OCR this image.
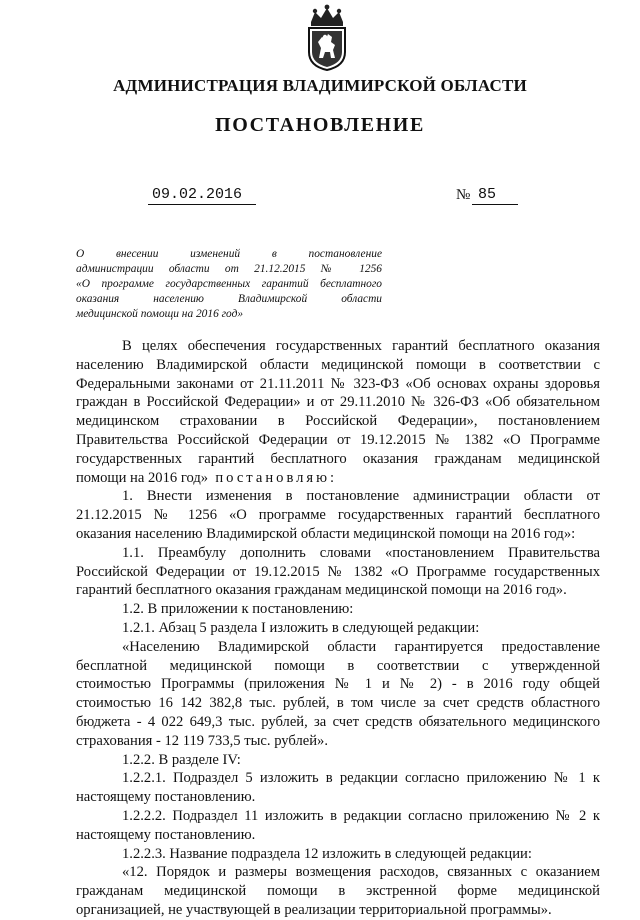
АДМИНИСТРАЦИЯ ВЛАДИМИРСКОЙ ОБЛАСТИ
ПОСТАНОВЛЕНИЕ
09.02.2016	№ 85
О внесении изменений в постановление
администрации области от 21.12.2015 № 1256
«О программе государственных гарантий бесплатного
оказания населению Владимирской области
медицинской помощи на 2016 год»

В целях обеспечения государственных гарантий бесплатного оказания
населению Владимирской области медицинской помощи в соответствии с
Федеральными законами от 21.11.2011 № 323-ФЗ «Об основах охраны здоровья
граждан в Российской Федерации» и от 29.11.2010 № 326-ФЗ «Об обязательном
медицинском страховании в Российской Федерации», постановлением
Правительства Российской Федерации от 19.12.2015 № 1382 «О Программе
государственных гарантий бесплатного оказания гражданам медицинской
помощи на 2016 год» постановляю:

1. Внести изменения в постановление администрации области от
21.12.2015 № 1256 «О программе государственных гарантий бесплатного
оказания населению Владимирской области медицинской помощи на 2016 год»:

1.1. Преамбулу дополнить словами «постановлением Правительства
Российской Федерации от 19.12.2015 № 1382 «О Программе государственных
гарантий бесплатного оказания гражданам медицинской помощи на 2016 год».

1.2. В приложении к постановлению:

1.2.1. Абзац 5 раздела I изложить в следующей редакции:

«Населению Владимирской области гарантируется предоставление
бесплатной медицинской помощи в соответствии с утвержденной
стоимостью Программы (приложения № 1 и № 2) - в 2016 году общей
стоимостью 16 142 382,8 тыс. рублей, в том числе за счет средств областного
бюджета - 4 022 649,3 тыс. рублей, за счет средств обязательного медицинского
страхования - 12 119 733,5 тыс. рублей».

1.2.2. В разделе IV:

1.2.2.1. Подраздел 5 изложить в редакции согласно приложению № 1 к
настоящему постановлению.

1.2.2.2. Подраздел 11 изложить в редакции согласно приложению № 2 к
настоящему постановлению.

1.2.2.3. Название подраздела 12 изложить в следующей редакции:

«12. Порядок и размеры возмещения расходов, связанных с оказанием
гражданам медицинской помощи в экстренной форме медицинской
организацией, не участвующей в реализации территориальной программы».
